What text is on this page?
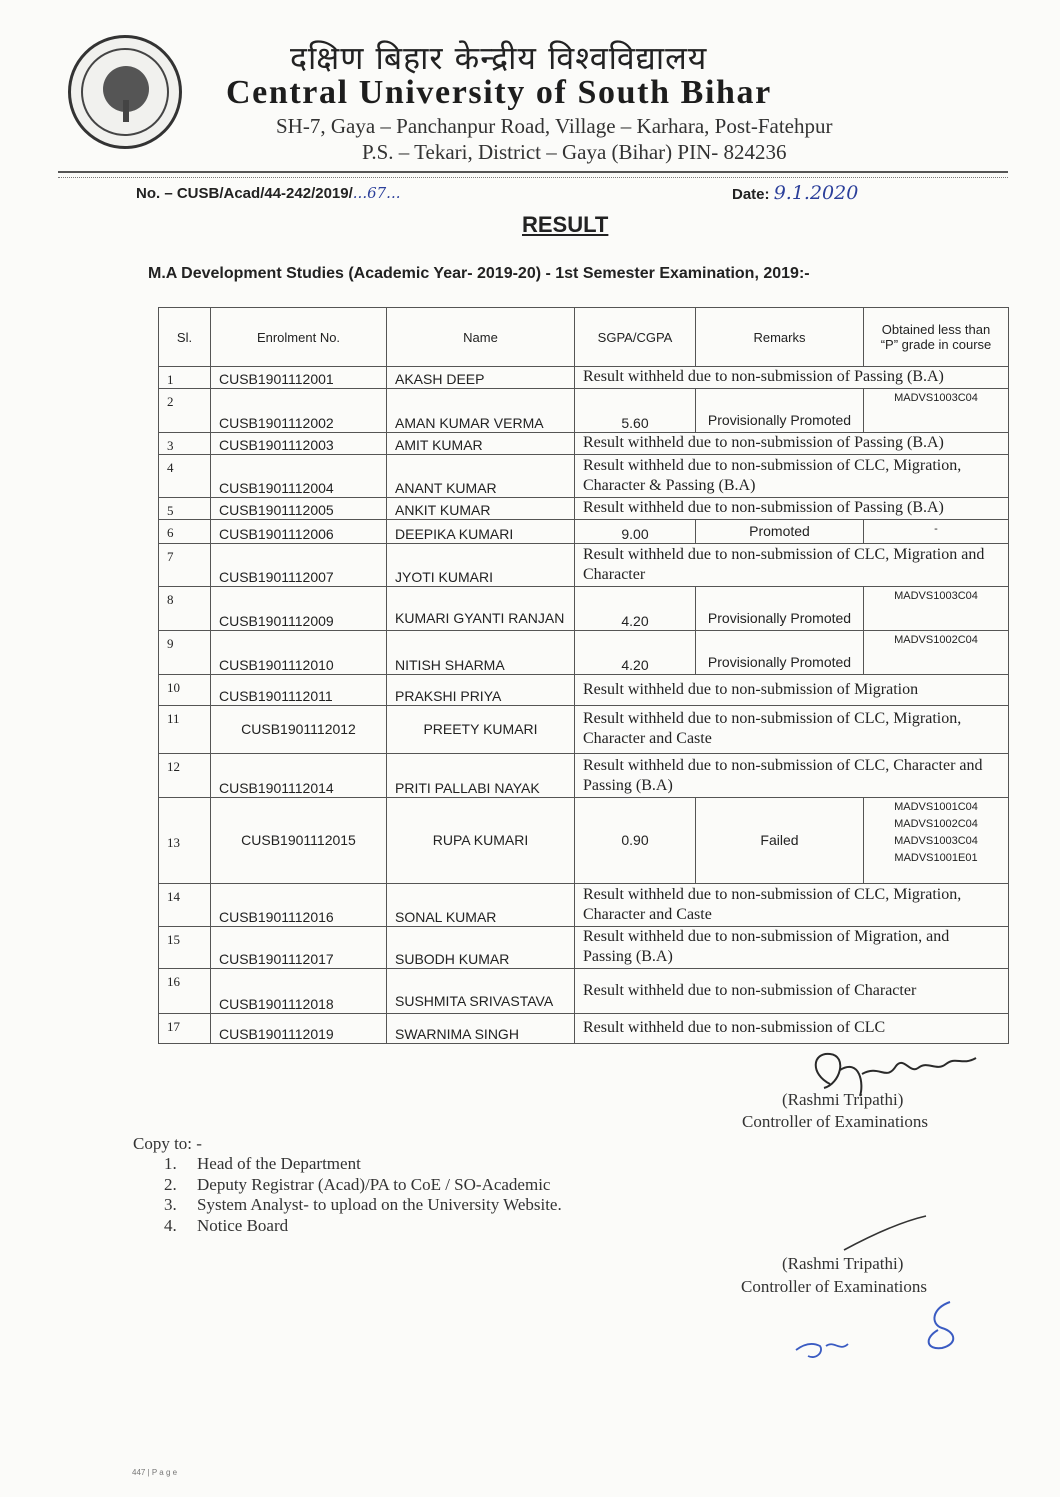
दक्षिण बिहार केन्द्रीय विश्वविद्यालय
Central University of South Bihar
SH-7, Gaya – Panchanpur Road, Village – Karhara, Post-Fatehpur
P.S. – Tekari, District – Gaya (Bihar) PIN- 824236
No. – CUSB/Acad/44-242/2019/...67...	Date: 9.1.2020
RESULT
M.A Development Studies (Academic Year- 2019-20) - 1st Semester Examination, 2019:-
Sl.	Enrolment No.	Name	SGPA/CGPA	Remarks	Obtained less than “P” grade in course
1	CUSB1901112001	AKASH DEEP	Result withheld due to non-submission of Passing (B.A)		
2	CUSB1901112002	AMAN KUMAR VERMA	5.60	Provisionally Promoted	MADVS1003C04
3	CUSB1901112003	AMIT KUMAR	Result withheld due to non-submission of Passing (B.A)		
4	CUSB1901112004	ANANT KUMAR	Result withheld due to non-submission of CLC, Migration, Character & Passing (B.A)		
5	CUSB1901112005	ANKIT KUMAR	Result withheld due to non-submission of Passing (B.A)		
6	CUSB1901112006	DEEPIKA KUMARI	9.00	Promoted	-
7	CUSB1901112007	JYOTI KUMARI	Result withheld due to non-submission of CLC, Migration and Character		
8	CUSB1901112009	KUMARI GYANTI RANJAN	4.20	Provisionally Promoted	MADVS1003C04
9	CUSB1901112010	NITISH SHARMA	4.20	Provisionally Promoted	MADVS1002C04
10	CUSB1901112011	PRAKSHI PRIYA	Result withheld due to non-submission of Migration		
11	CUSB1901112012	PREETY KUMARI	Result withheld due to non-submission of CLC, Migration, Character and Caste		
12	CUSB1901112014	PRITI PALLABI NAYAK	Result withheld due to non-submission of CLC, Character and Passing (B.A)		
13	CUSB1901112015	RUPA KUMARI	0.90	Failed	MADVS1001C04 MADVS1002C04 MADVS1003C04 MADVS1001E01
14	CUSB1901112016	SONAL KUMAR	Result withheld due to non-submission of CLC, Migration, Character and Caste		
15	CUSB1901112017	SUBODH KUMAR	Result withheld due to non-submission of Migration, and Passing (B.A)		
16	CUSB1901112018	SUSHMITA SRIVASTAVA	Result withheld due to non-submission of Character		
17	CUSB1901112019	SWARNIMA SINGH	Result withheld due to non-submission of CLC		
(Rashmi Tripathi)
Controller of Examinations
Copy to: -
1. Head of the Department
2. Deputy Registrar (Acad)/PA to CoE / SO-Academic
3. System Analyst- to upload on the University Website.
4. Notice Board
(Rashmi Tripathi)
Controller of Examinations
447 | P a g e
